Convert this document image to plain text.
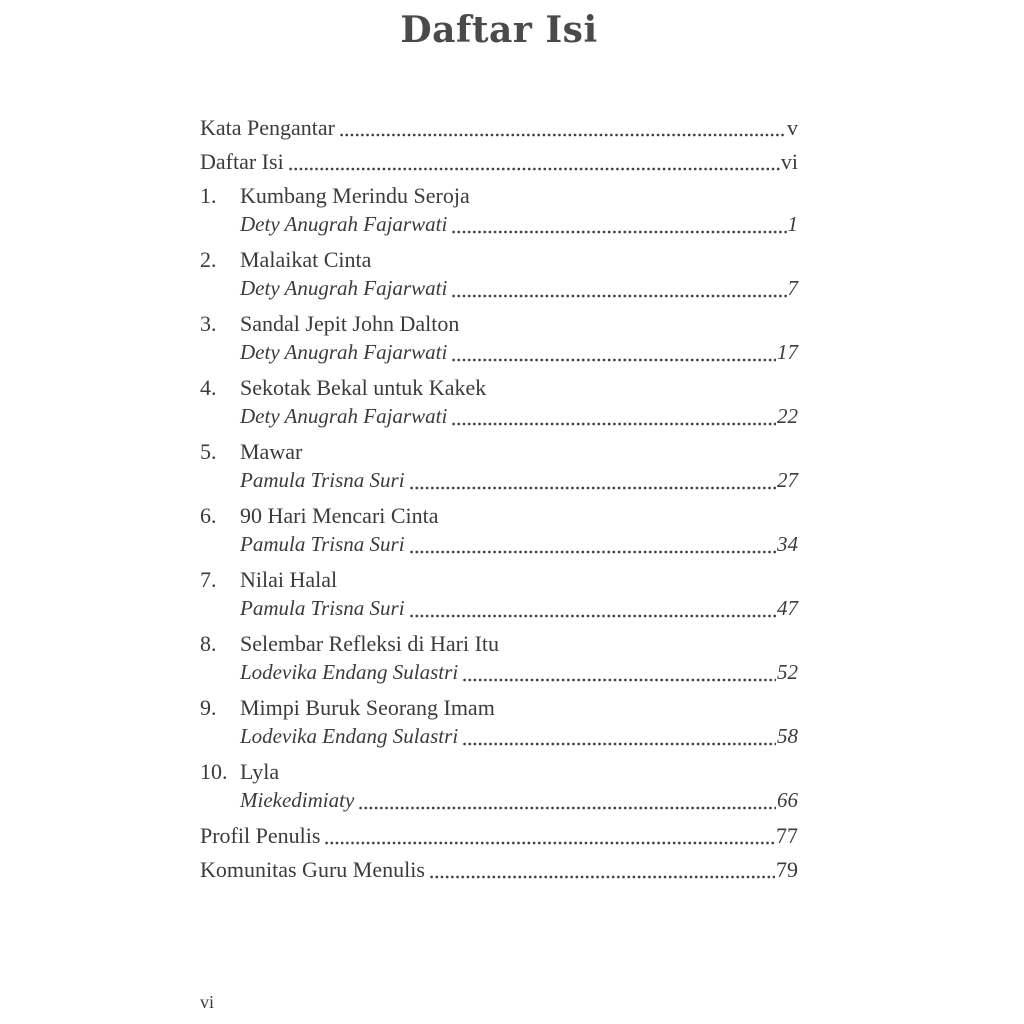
Daftar Isi
Kata Pengantar	v
Daftar Isi	vi
1.	Kumbang Merindu Seroja
Dety Anugrah Fajarwati	1
2.	Malaikat Cinta
Dety Anugrah Fajarwati	7
3.	Sandal Jepit John Dalton
Dety Anugrah Fajarwati	17
4.	Sekotak Bekal untuk Kakek
Dety Anugrah Fajarwati	22
5.	Mawar
Pamula Trisna Suri	27
6.	90 Hari Mencari Cinta
Pamula Trisna Suri	34
7.	Nilai Halal
Pamula Trisna Suri	47
8.	Selembar Refleksi di Hari Itu
Lodevika Endang Sulastri	52
9.	Mimpi Buruk Seorang Imam
Lodevika Endang Sulastri	58
10. Lyla
Miekedimiaty	66
Profil Penulis	77
Komunitas Guru Menulis	79
vi
